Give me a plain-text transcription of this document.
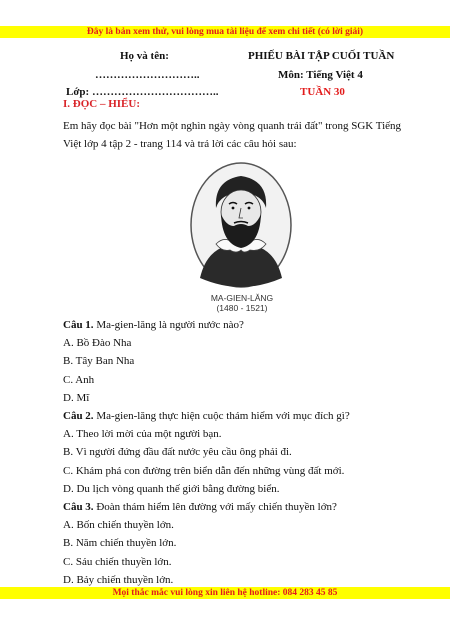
Đây là bản xem thử, vui lòng mua tài liệu để xem chi tiết (có lời giải)
Họ và tên:
………………………..
Lớp: ……………………………..
PHIẾU BÀI TẬP CUỐI TUẦN
Môn: Tiếng Việt 4
TUẦN 30
I. ĐỌC – HIỂU:
Em hãy đọc bài "Hơn một nghìn ngày vòng quanh trái đất" trong SGK Tiếng
Việt lớp 4 tập 2 - trang 114 và trả lời các câu hỏi sau:
MA-GIEN-LĂNG
(1480 - 1521)
Câu 1. Ma-gien-lăng là người nước nào?
A. Bồ Đào Nha
B. Tây Ban Nha
C. Anh
D. Mĩ
Câu 2. Ma-gien-lăng thực hiện cuộc thám hiểm với mục đích gì?
A. Theo lời mời của một người bạn.
B. Vì người đứng đầu đất nước yêu cầu ông phải đi.
C. Khám phá con đường trên biển dẫn đến những vùng đất mới.
D. Du lịch vòng quanh thế giới bằng đường biển.
Câu 3. Đoàn thám hiểm lên đường với mấy chiến thuyền lớn?
A. Bốn chiến thuyền lớn.
B. Năm chiến thuyền lớn.
C. Sáu chiến thuyền lớn.
D. Bảy chiến thuyền lớn.
Mọi thắc mắc vui lòng xin liên hệ hotline: 084 283 45 85
